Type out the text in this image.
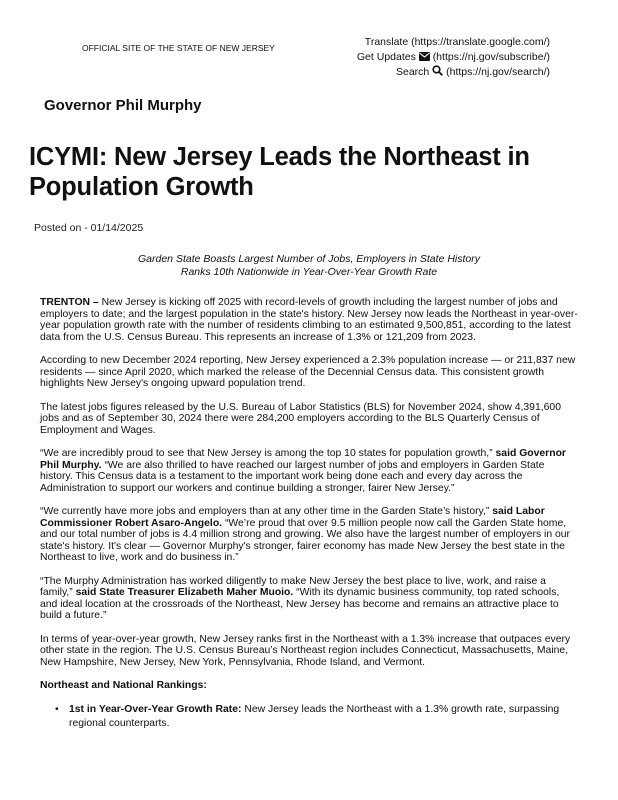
OFFICIAL SITE OF THE STATE OF NEW JERSEY	Translate (https://translate.google.com/)
Get Updates (https://nj.gov/subscribe/)
Search (https://nj.gov/search/)
Governor Phil Murphy
ICYMI: New Jersey Leads the Northeast in Population Growth
Posted on - 01/14/2025
Garden State Boasts Largest Number of Jobs, Employers in State History
Ranks 10th Nationwide in Year-Over-Year Growth Rate

TRENTON – New Jersey is kicking off 2025 with record-levels of growth including the largest number of jobs and employers to date; and the largest population in the state's history. New Jersey now leads the Northeast in year-over-year population growth rate with the number of residents climbing to an estimated 9,500,851, according to the latest data from the U.S. Census Bureau. This represents an increase of 1.3% or 121,209 from 2023.

According to new December 2024 reporting, New Jersey experienced a 2.3% population increase — or 211,837 new residents — since April 2020, which marked the release of the Decennial Census data. This consistent growth highlights New Jersey's ongoing upward population trend.

The latest jobs figures released by the U.S. Bureau of Labor Statistics (BLS) for November 2024, show 4,391,600 jobs and as of September 30, 2024 there were 284,200 employers according to the BLS Quarterly Census of Employment and Wages.

“We are incredibly proud to see that New Jersey is among the top 10 states for population growth,” said Governor Phil Murphy. “We are also thrilled to have reached our largest number of jobs and employers in Garden State history. This Census data is a testament to the important work being done each and every day across the Administration to support our workers and continue building a stronger, fairer New Jersey.”

“We currently have more jobs and employers than at any other time in the Garden State’s history,” said Labor Commissioner Robert Asaro-Angelo. “We’re proud that over 9.5 million people now call the Garden State home, and our total number of jobs is 4.4 million strong and growing. We also have the largest number of employers in our state's history. It's clear — Governor Murphy's stronger, fairer economy has made New Jersey the best state in the Northeast to live, work and do business in.”

“The Murphy Administration has worked diligently to make New Jersey the best place to live, work, and raise a family,” said State Treasurer Elizabeth Maher Muoio. “With its dynamic business community, top rated schools, and ideal location at the crossroads of the Northeast, New Jersey has become and remains an attractive place to build a future.”

In terms of year-over-year growth, New Jersey ranks first in the Northeast with a 1.3% increase that outpaces every other state in the region. The U.S. Census Bureau’s Northeast region includes Connecticut, Massachusetts, Maine, New Hampshire, New Jersey, New York, Pennsylvania, Rhode Island, and Vermont.

Northeast and National Rankings:
• 1st in Year-Over-Year Growth Rate: New Jersey leads the Northeast with a 1.3% growth rate, surpassing regional counterparts.
